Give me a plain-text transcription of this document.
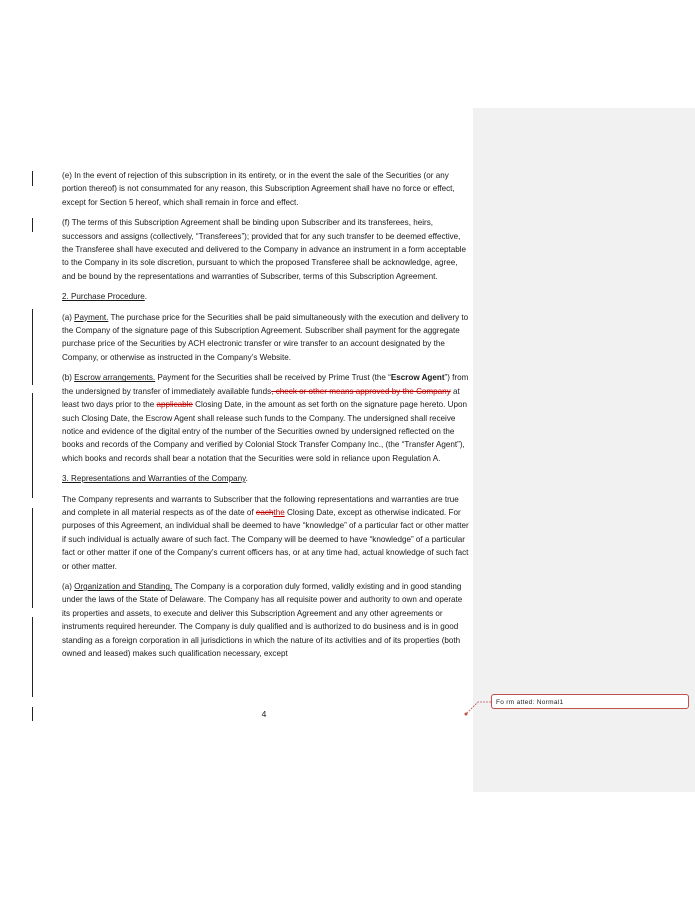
(e) In the event of rejection of this subscription in its entirety, or in the event the sale of the Securities (or any portion thereof) is not consummated for any reason, this Subscription Agreement shall have no force or effect, except for Section 5 hereof, which shall remain in force and effect.

(f) The terms of this Subscription Agreement shall be binding upon Subscriber and its transferees, heirs, successors and assigns (collectively, “Transferees”); provided that for any such transfer to be deemed effective, the Transferee shall have executed and delivered to the Company in advance an instrument in a form acceptable to the Company in its sole discretion, pursuant to which the proposed Transferee shall be acknowledge, agree, and be bound by the representations and warranties of Subscriber, terms of this Subscription Agreement.

2. Purchase Procedure.

(a) Payment. The purchase price for the Securities shall be paid simultaneously with the execution and delivery to the Company of the signature page of this Subscription Agreement. Subscriber shall payment for the aggregate purchase price of the Securities by ACH electronic transfer or wire transfer to an account designated by the Company, or otherwise as instructed in the Company’s Website.

(b) Escrow arrangements. Payment for the Securities shall be received by Prime Trust (the “Escrow Agent”) from the undersigned by transfer of immediately available funds, check or other means approved by the Company at least two days prior to the applicable Closing Date, in the amount as set forth on the signature page hereto. Upon such Closing Date, the Escrow Agent shall release such funds to the Company. The undersigned shall receive notice and evidence of the digital entry of the number of the Securities owned by undersigned reflected on the books and records of the Company and verified by Colonial Stock Transfer Company Inc., (the “Transfer Agent”), which books and records shall bear a notation that the Securities were sold in reliance upon Regulation A.

3. Representations and Warranties of the Company.

The Company represents and warrants to Subscriber that the following representations and warranties are true and complete in all material respects as of the date of eachthe Closing Date, except as otherwise indicated. For purposes of this Agreement, an individual shall be deemed to have “knowledge” of a particular fact or other matter if such individual is actually aware of such fact. The Company will be deemed to have “knowledge” of a particular fact or other matter if one of the Company’s current officers has, or at any time had, actual knowledge of such fact or other matter.

(a) Organization and Standing. The Company is a corporation duly formed, validly existing and in good standing under the laws of the State of Delaware. The Company has all requisite power and authority to own and operate its properties and assets, to execute and deliver this Subscription Agreement and any other agreements or instruments required hereunder. The Company is duly qualified and is authorized to do business and is in good standing as a foreign corporation in all jurisdictions in which the nature of its activities and of its properties (both owned and leased) makes such qualification necessary, except

4
Fo rm atted: Normal1
